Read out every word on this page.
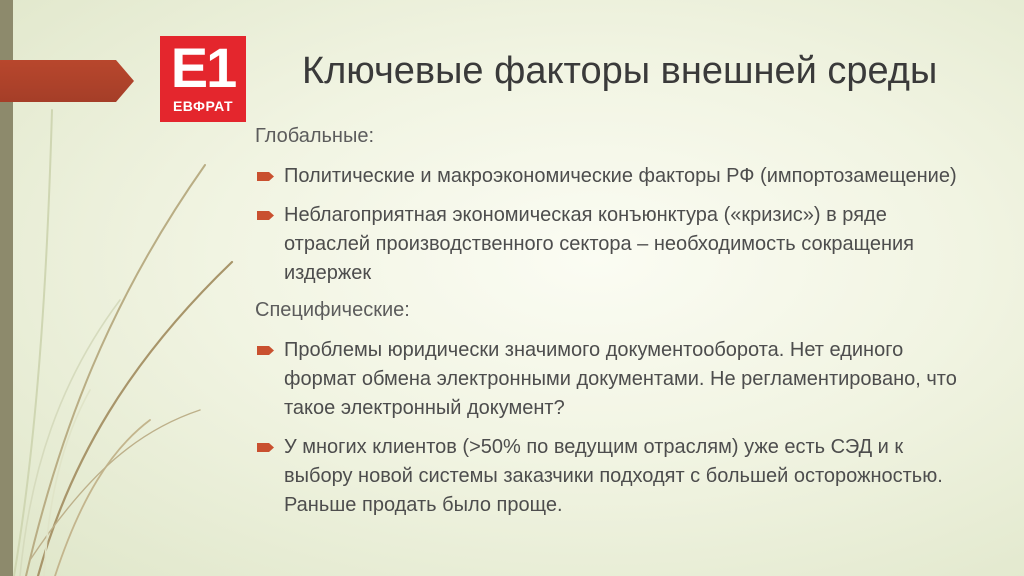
E1
ЕВФРАТ
Ключевые факторы внешней среды
Глобальные:
Политические и макроэкономические факторы РФ (импортозамещение)
Неблагоприятная экономическая конъюнктура («кризис») в ряде отраслей производственного сектора – необходимость сокращения издержек
Специфические:
Проблемы юридически значимого документооборота. Нет единого формат обмена электронными документами. Не регламентировано, что такое электронный документ?
У многих клиентов (>50% по ведущим отраслям) уже есть СЭД и к выбору новой системы заказчики подходят с большей осторожностью. Раньше продать было проще.
